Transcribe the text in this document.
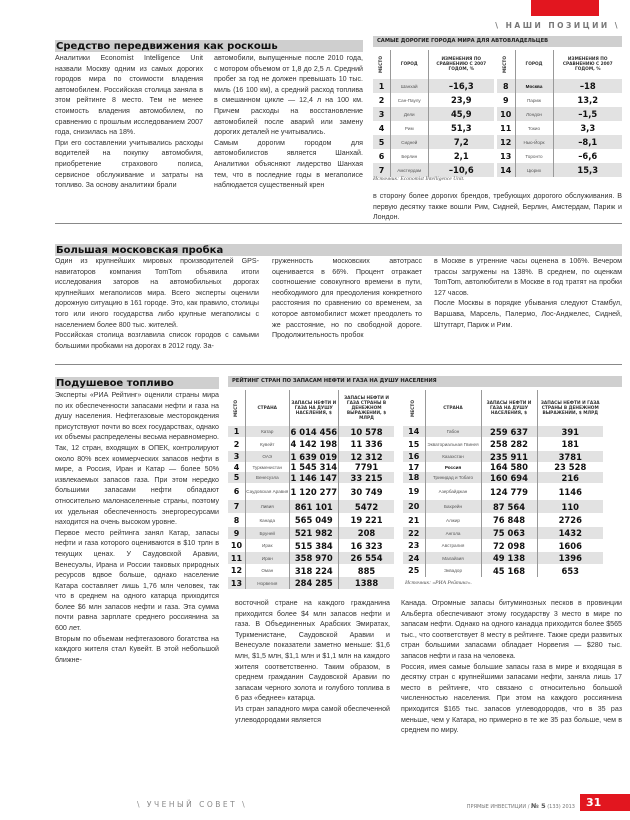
\ НАШИ ПОЗИЦИИ \
Средство передвижения как роскошь

Аналитики Economist Intelligence Unit назвали Москву одним из самых дорогих городов мира по стоимости владения автомобилем. Российская столица заняла в этом рейтинге 8 место. Тем не менее стоимость владения автомобилем, по сравнению с прошлым исследованием 2007 года, снизилась на 18%.

При его составлении учитывались расходы водителей на покупку автомобиля, приобретение страхового полиса, сервисное обслуживание и затраты на топливо. За основу аналитики брали

автомобили, выпущенные после 2010 года, с мотором объемом от 1,8 до 2,5 л. Средний пробег за год не должен превышать 10 тыс. миль (16 100 км), а средний расход топлива в смешанном цикле — 12,4 л на 100 км. Причем расходы на восстановление автомобилей после аварий или замену дорогих деталей не учитывались.

Самым дорогим городом для автомобилистов является Шанхай. Аналитики объясняют лидерство Шанхая тем, что в последние годы в мегаполисе наблюдается существенный крен

САМЫЕ ДОРОГИЕ ГОРОДА МИРА ДЛЯ АВТОВЛАДЕЛЬЦЕВ
МЕСТО	ГОРОД	ИЗМЕНЕНИЯ ПО СРАВНЕНИЮ С 2007 ГОДОМ, %
1	Шанхай	–16,3
2	Сан-Паулу	23,9
3	Дели	45,9
4	Рим	51,3
5	Сидней	7,2
6	Берлин	2,1
7	Амстердам	–10,6
МЕСТО	ГОРОД	ИЗМЕНЕНИЯ ПО СРАВНЕНИЮ С 2007 ГОДОМ, %
8	Москва	–18
9	Париж	13,2
10	Лондон	–1,5
11	Токио	3,3
12	Нью-Йорк	–8,1
13	Торонто	–6,6
14	Цюрих	15,3
Источник: Economist Intelligence Unit.

в сторону более дорогих брендов, требующих дорогого обслуживания. В первую десятку также вошли Рим, Сидней, Берлин, Амстердам, Париж и Лондон.

Большая московская пробка

Один из крупнейших мировых производителей GPS-навигаторов компания TomTom объявила итоги исследования заторов на автомобильных дорогах крупнейших мегаполисов мира. Всего эксперты оценили дорожную ситуацию в 161 городе. Это, как правило, столицы того или иного государства либо крупные мегаполисы с населением более 800 тыс. жителей.

Российская столица возглавила список городов с самыми большими пробками на дорогах в 2012 году. За-

груженность московских автотрасс оценивается в 66%. Процент отражает соотношение совокупного времени в пути, необходимого для преодоления конкретного расстояния по сравнению со временем, за которое автомобилист может преодолеть то же расстояние, но по свободной дороге. Продолжительность пробок

в Москве в утренние часы оценена в 106%. Вечером трассы загружены на 138%. В среднем, по оценкам TomTom, автолюбители в Москве в год тратят на пробки 127 часов.

После Москвы в порядке убывания следуют Стамбул, Варшава, Марсель, Палермо, Лос-Анджелес, Сидней, Штутгарт, Париж и Рим.

Подушевое топливо

Эксперты «РИА Рейтинг» оценили страны мира по их обеспеченности запасами нефти и газа на душу населения. Нефтегазовые месторождения присутствуют почти во всех государствах, однако их объемы распределены весьма неравномерно. Так, 12 стран, входящих в ОПЕК, контролируют около 80% всех коммерческих запасов нефти в мире, а Россия, Иран и Катар — более 50% извлекаемых запасов газа. При этом нередко большими запасами нефти обладают относительно малонаселенные страны, поэтому их удельная обеспеченность энергоресурсами находится на очень высоком уровне.

Первое место рейтинга занял Катар, запасы нефти и газа которого оцениваются в $10 трлн в текущих ценах. У Саудовской Аравии, Венесуэлы, Ирана и России таковых природных ресурсов вдвое больше, однако население Катара составляет лишь 1,76 млн человек, так что в среднем на одного катарца приходится более $6 млн запасов нефти и газа. Эта сумма почти равна зарплате среднего россиянина за 600 лет.

Вторым по объемам нефтегазового богатства на каждого жителя стал Кувейт. В этой небольшой ближне-

РЕЙТИНГ СТРАН ПО ЗАПАСАМ НЕФТИ И ГАЗА НА ДУШУ НАСЕЛЕНИЯ
МЕСТО	СТРАНА	ЗАПАСЫ НЕФТИ И ГАЗА НА ДУШУ НАСЕЛЕНИЯ, $	ЗАПАСЫ НЕФТИ И ГАЗА СТРАНЫ В ДЕНЕЖНОМ ВЫРАЖЕНИИ, $ МЛРД
1	Катар	6 014 456	10 578
2	Кувейт	4 142 198	11 336
3	ОАЭ	1 639 019	12 312
4	Туркменистан	1 545 314	7791
5	Венесуэла	1 146 147	33 215
6	Саудовская Аравия	1 120 277	30 749
7	Ливия	861 101	5472
8	Канада	565 049	19 221
9	Бруней	521 982	208
10	Ирак	515 384	16 323
11	Иран	358 970	26 554
12	Оман	318 224	885
13	Норвегия	284 285	1388
МЕСТО	СТРАНА	ЗАПАСЫ НЕФТИ И ГАЗА НА ДУШУ НАСЕЛЕНИЯ, $	ЗАПАСЫ НЕФТИ И ГАЗА СТРАНЫ В ДЕНЕЖНОМ ВЫРАЖЕНИИ, $ МЛРД
14	Габон	259 637	391
15	Экваториальная Гвинея	258 282	181
16	Казахстан	235 911	3781
17	Россия	164 580	23 528
18	Тринидад и Тобаго	160 694	216
19	Азербайджан	124 779	1146
20	Бахрейн	87 564	110
21	Алжир	76 848	2726
22	Ангола	75 063	1432
23	Австралия	72 098	1606
24	Малайзия	49 138	1396
25	Эквадор	45 168	653
Источник: «РИА Рейтинг».

восточной стране на каждого гражданина приходится более $4 млн запасов нефти и газа. В Объединенных Арабских Эмиратах, Туркменистане, Саудовской Аравии и Венесуэле показатели заметно меньше: $1,6 млн, $1,5 млн, $1,1 млн и $1,1 млн на каждого жителя соответственно. Таким образом, в среднем гражданин Саудовской Аравии по запасам черного золота и голубого топлива в 6 раз «беднее» катарца.

Из стран западного мира самой обеспеченной углеводородами является

Канада. Огромные запасы битуминозных песков в провинции Альберта обеспечивают этому государству 3 место в мире по запасам нефти. Однако на одного канадца приходится более $565 тыс., что соответствует 8 месту в рейтинге. Также среди развитых стран большими запасами обладает Норвегия — $280 тыс. запасов нефти и газа на человека.

Россия, имея самые большие запасы газа в мире и входящая в десятку стран с крупнейшими запасами нефти, заняла лишь 17 место в рейтинге, что связано с относительно большой численностью населения. При этом на каждого россиянина приходится $165 тыс. запасов углеводородов, что в 35 раз меньше, чем у Катара, но примерно в те же 35 раз больше, чем в среднем по миру.

\ УЧЕНЫЙ СОВЕТ \	ПРЯМЫЕ ИНВЕСТИЦИИ / № 5 (133) 2013	31
